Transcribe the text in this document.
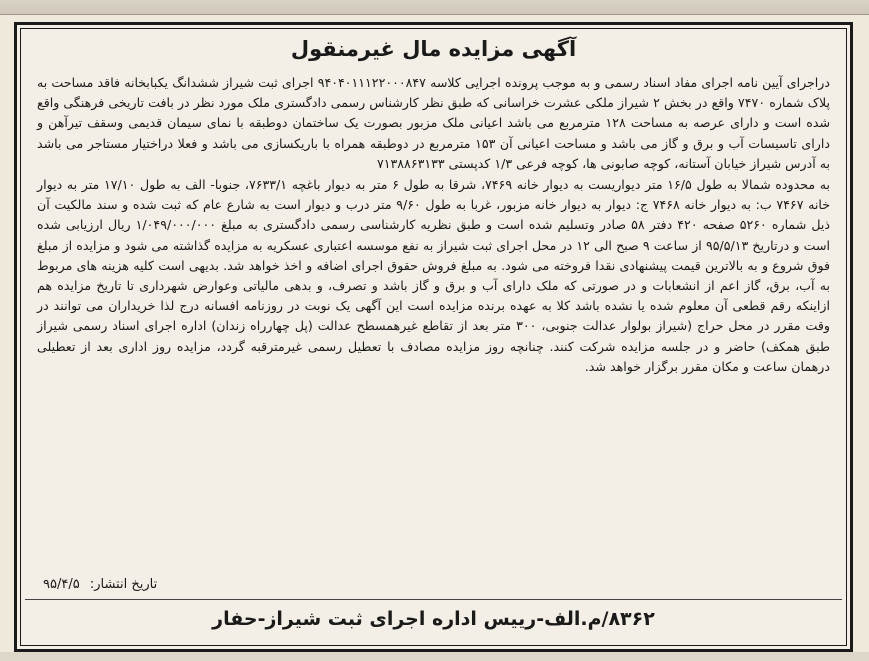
آگهی مزایده مال غیرمنقول

دراجرای آیین نامه اجرای مفاد اسناد رسمی و به موجب پرونده اجرایی کلاسه ۹۴۰۴۰۱۱۱۲۲۰۰۰۸۴۷ اجرای ثبت شیراز ششدانگ یکبابخانه فاقد مساحت به پلاک شماره ۷۴۷۰ واقع در بخش ۲ شیراز ملکی عشرت خراسانی که طبق نظر کارشناس رسمی دادگستری ملک مورد نظر در بافت تاریخی فرهنگی واقع شده است و دارای عرصه به مساحت ۱۲۸ مترمربع می باشد اعیانی ملک مزبور بصورت یک ساختمان دوطبقه با نمای سیمان قدیمی وسقف تیرآهن و دارای تاسیسات آب و برق و گاز می باشد و مساحت اعیانی آن ۱۵۳ مترمربع در دوطبقه همراه با باریکسازی می باشد و فعلا دراختیار مستاجر می باشد به آدرس شیراز خیابان آستانه، کوچه صابونی ها، کوچه فرعی ۱/۳ کدپستی ۷۱۳۸۸۶۳۱۳۳

به محدوده شمالا به طول ۱۶/۵ متر دیواریست به دیوار خانه ۷۴۶۹، شرقا به طول ۶ متر به دیوار باغچه ۷۶۳۳/۱، جنوبا- الف به طول ۱۷/۱۰ متر به دیوار خانه ۷۴۶۷ ب: به دیوار خانه ۷۴۶۸ ج: دیوار به دیوار خانه مزبور، غربا به طول ۹/۶۰ متر درب و دیوار است به شارع عام که ثبت شده و سند مالکیت آن ذیل شماره ۵۲۶۰ صفحه ۴۲۰ دفتر ۵۸ صادر وتسلیم شده است و طبق نظریه کارشناسی رسمی دادگستری به مبلغ ۱/۰۴۹/۰۰۰/۰۰۰ ریال ارزیابی شده است و درتاریخ ۹۵/۵/۱۳ از ساعت ۹ صبح الی ۱۲ در محل اجرای ثبت شیراز به نفع موسسه اعتباری عسکریه به مزایده گذاشته می شود و مزایده از مبلغ فوق شروع و به بالاترین قیمت پیشنهادی نقدا فروخته می شود. به مبلغ فروش حقوق اجرای اضافه و اخذ خواهد شد. بدیهی است کلیه هزینه های مربوط به آب، برق، گاز اعم از انشعابات و در صورتی که ملک دارای آب و برق و گاز باشد و تصرف، و بدهی مالیاتی وعوارض شهرداری تا تاریخ مزایده هم ازاینکه رقم قطعی آن معلوم شده یا نشده باشد کلا به عهده برنده مزایده است این آگهی یک نوبت در روزنامه افسانه درج لذا خریداران می توانند در وقت مقرر در محل حراج (شیراز بولوار عدالت جنوبی، ۳۰۰ متر بعد از تقاطع غیرهمسطح عدالت (پل چهارراه زندان) اداره اجرای اسناد رسمی شیراز طبق همکف) حاضر و در جلسه مزایده شرکت کنند. چنانچه روز مزایده مصادف با تعطیل رسمی غیرمترقبه گردد، مزایده روز اداری بعد از تعطیلی درهمان ساعت و مکان مقرر برگزار خواهد شد.

تاریخ انتشار: ۹۵/۴/۵
۸۳۶۲/م.الف-رییس اداره اجرای ثبت شیراز-حفار
